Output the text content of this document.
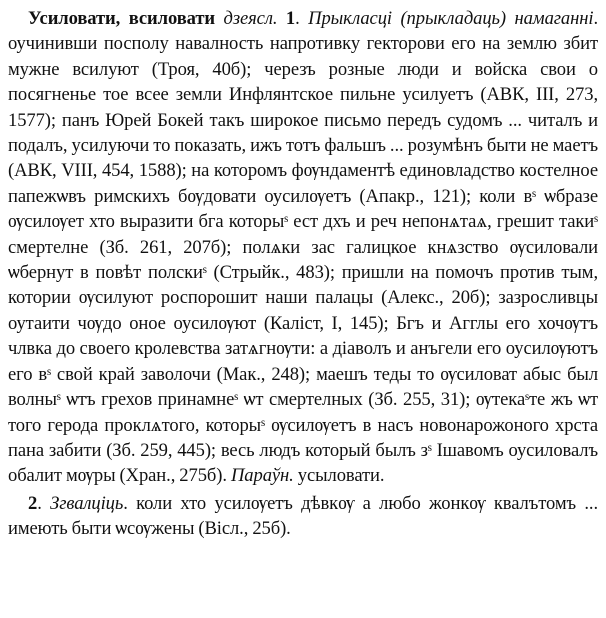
Усиловати, всиловати дзеясл. 1. Прыкласці (прыкладаць) намаганні. оучинивши посполу навалность напротивку гекторови его на землю збит мужне всилуют (Троя, 40б); черезъ розные люди и войска свои о посягненье тое всее земли Инфлянтское пильне усилуетъ (АВК, III, 273, 1577); панъ Юрей Бокей такъ широкое письмо передъ судомъ ... читалъ и подалъ, усилуючи то показать, ижъ тотъ фальшъ ... розумѣнъ быти не маетъ (АВК, VIII, 454, 1588); на которомъ фѹндаментѣ единовладство костелное папежѡвъ римскихъ бѹдовати оусилѹетъ (Апакр., 121); коли вˢ ѡбразе ѹсилѹет хто выразити бга которыˢ ест дхъ и реч непонѧтаѧ, грешит такиˢ смертелне (Зб. 261, 207б); полѧки зас галицкое кнѧзство ѹсиловали ѡбернут в повѣт полскиˢ (Стрыйк., 483); пришли на помочъ против тым, котории ѹсилуют роспорошит наши палацы (Алекс., 20б); зазросливцы оутаити чѹдо оное оусилѹют (Каліст, I, 145); Бгъ и Агглы его хочѹтъ члвка до своего кролевства затѧгнѹти: а діаволъ и анъгели его оусилѹютъ его вˢ свой край заволочи (Мак., 248); маешъ теды то ѹсиловат абыс был волныˢ ѡтъ грехов принамнеˢ ѡт смертелных (Зб. 255, 31); ѹтекаˢте жъ ѡт того герода проклѧтого, которыˢ ѹсилѹетъ в насъ новонарожоного хрста пана забити (Зб. 259, 445); весь людъ который былъ зˢ Ішавомъ оусиловалъ обалит мѹры (Хран., 275б). Параўн. усыловати.

2. Згвалціць. коли хто усилѹетъ дѣвкѹ а любо жонкѹ квалътомъ ... имеють быти ѡсѹжены (Вісл., 25б).
